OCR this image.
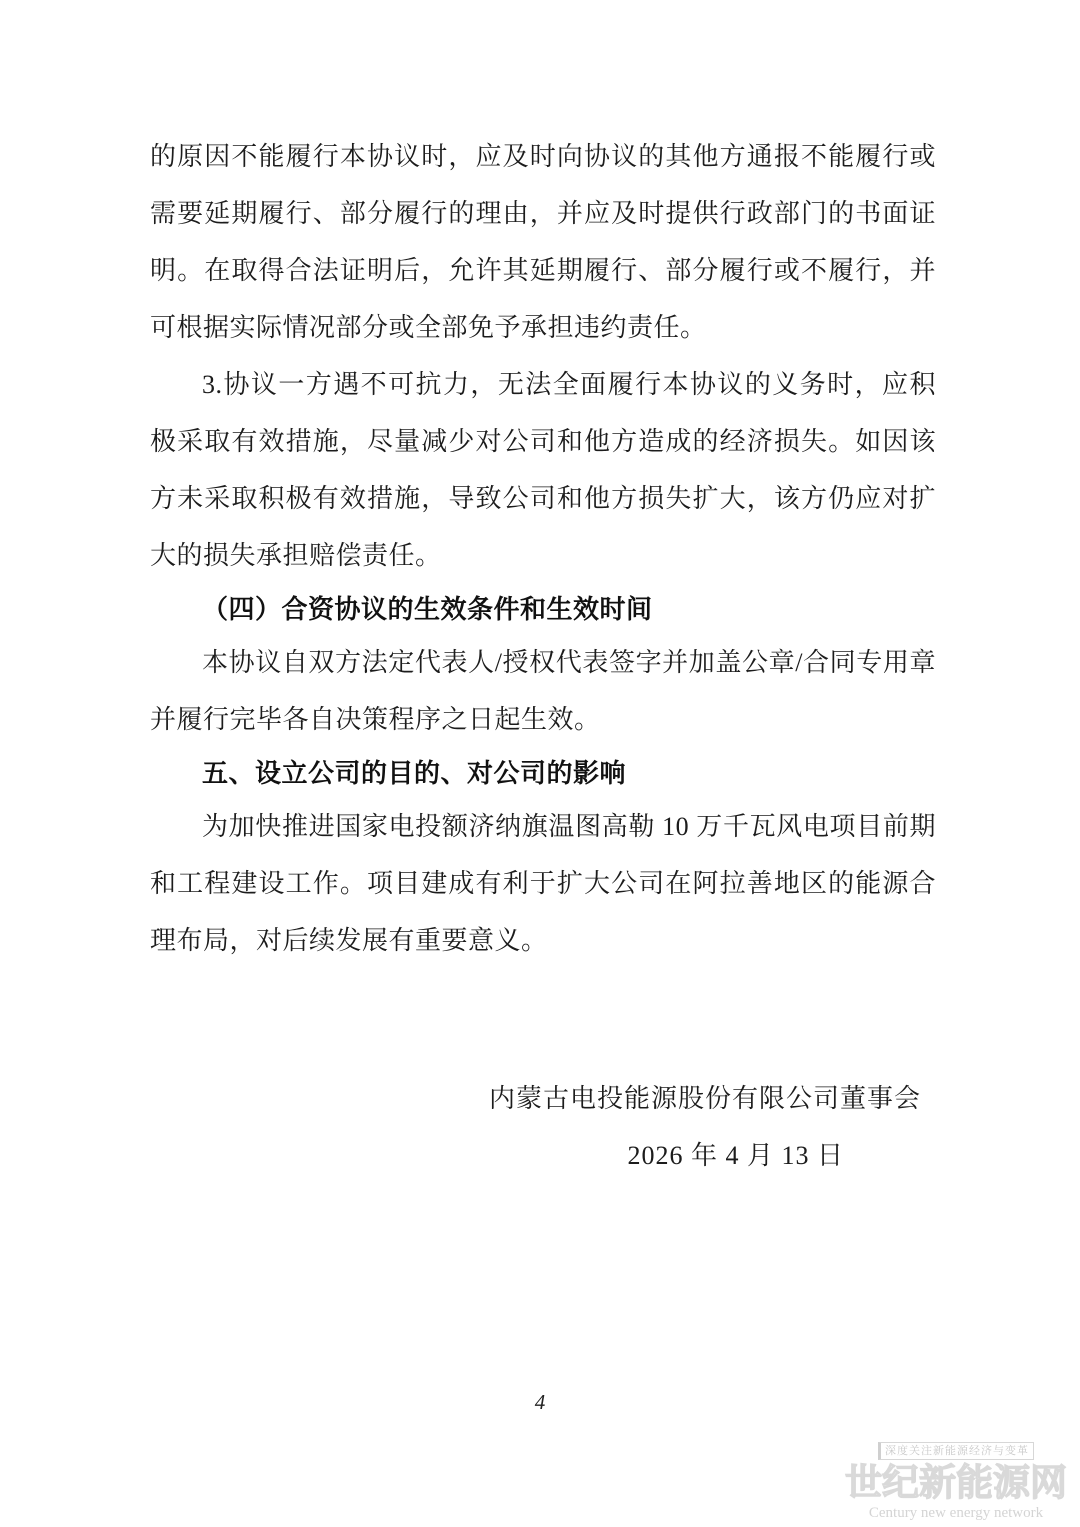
的原因不能履行本协议时，应及时向协议的其他方通报不能履行或需要延期履行、部分履行的理由，并应及时提供行政部门的书面证明。在取得合法证明后，允许其延期履行、部分履行或不履行，并可根据实际情况部分或全部免予承担违约责任。

3.协议一方遇不可抗力，无法全面履行本协议的义务时，应积极采取有效措施，尽量减少对公司和他方造成的经济损失。如因该方未采取积极有效措施，导致公司和他方损失扩大，该方仍应对扩大的损失承担赔偿责任。

（四）合资协议的生效条件和生效时间

本协议自双方法定代表人/授权代表签字并加盖公章/合同专用章并履行完毕各自决策程序之日起生效。

五、设立公司的目的、对公司的影响

为加快推进国家电投额济纳旗温图高勒 10 万千瓦风电项目前期和工程建设工作。项目建成有利于扩大公司在阿拉善地区的能源合理布局，对后续发展有重要意义。

内蒙古电投能源股份有限公司董事会

2026 年 4 月 13 日

4
深度关注新能源经济与变革
世纪新能源网
Century new energy network
